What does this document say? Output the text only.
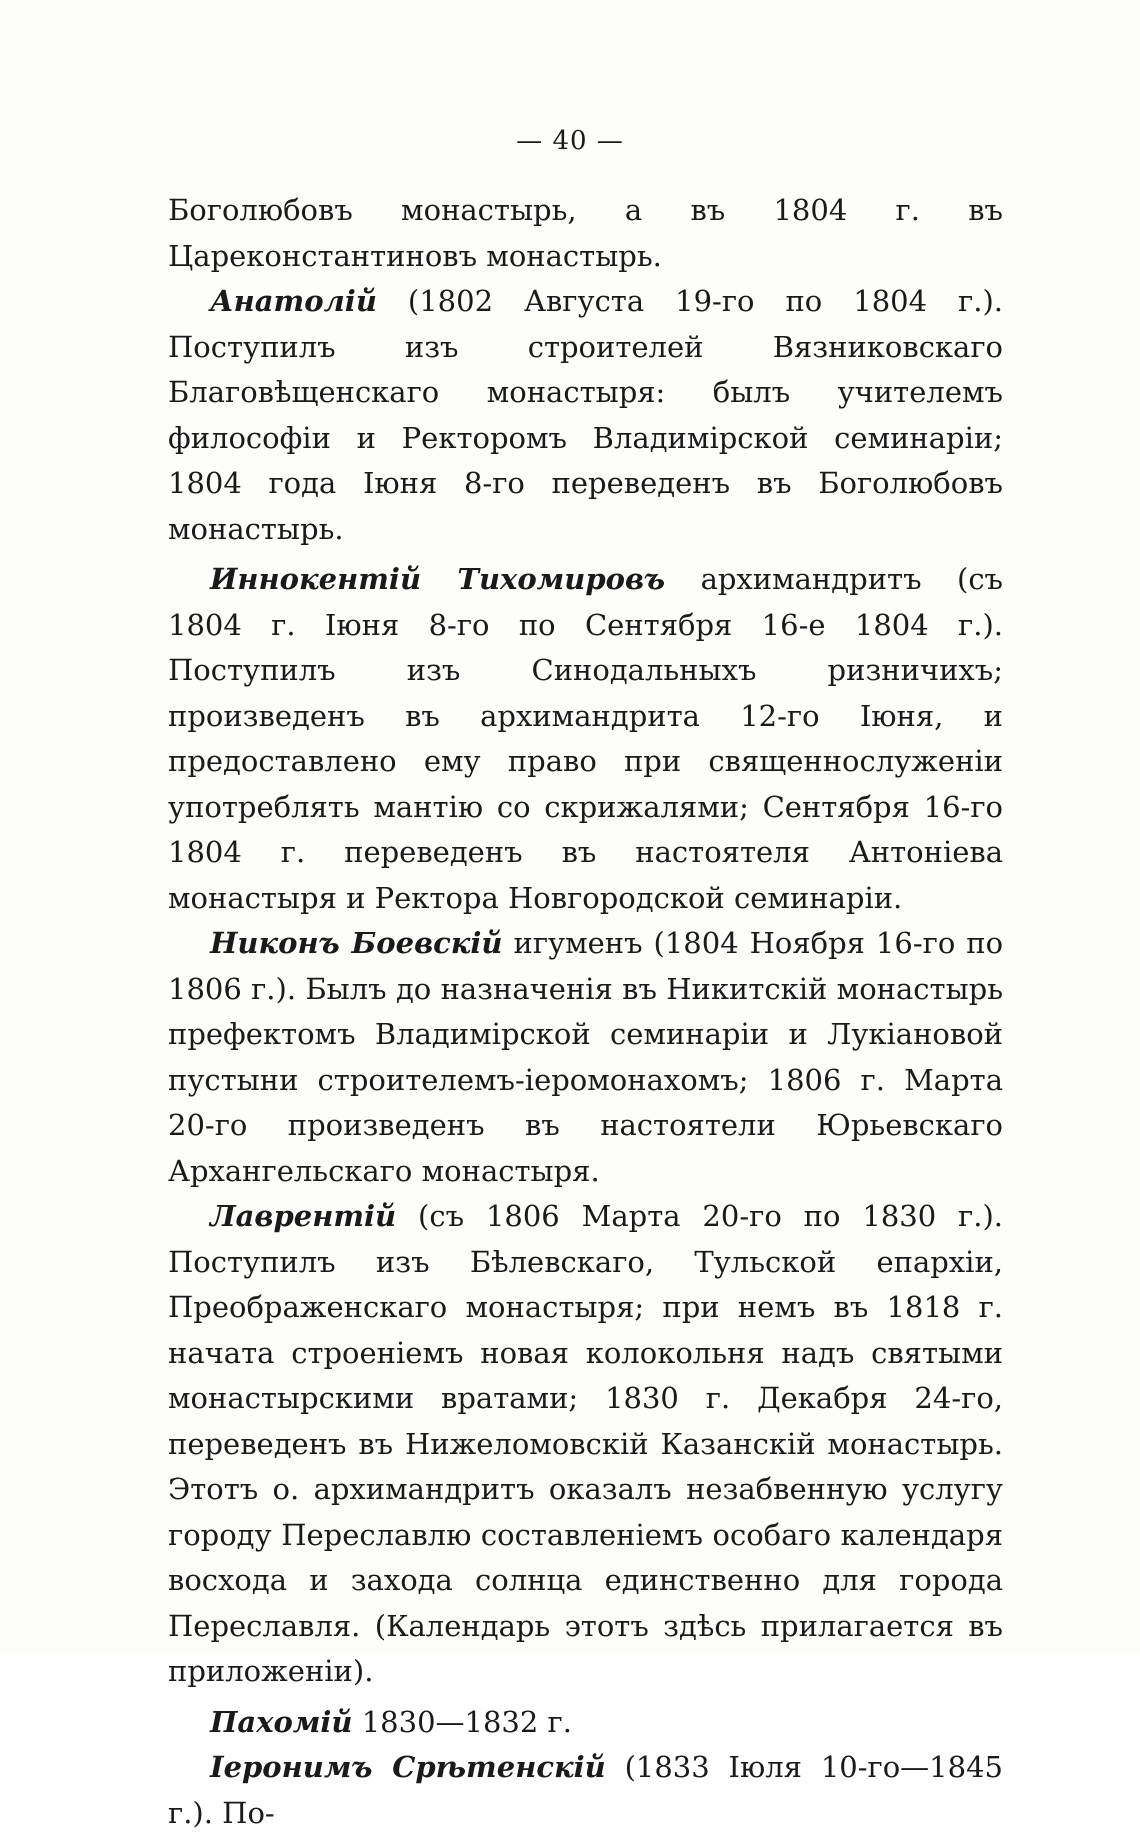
— 40 —

Боголюбовъ монастырь, а въ 1804 г. въ Цареконстантиновъ монастырь.

Анатолій (1802 Августа 19-го по 1804 г.). Поступилъ изъ строителей Вязниковскаго Благовѣщенскаго монастыря: былъ учителемъ философіи и Ректоромъ Владимірской семинаріи; 1804 года Іюня 8-го переведенъ въ Боголюбовъ монастырь.

Иннокентій Тихомировъ архимандритъ (съ 1804 г. Іюня 8-го по Сентября 16-е 1804 г.). Поступилъ изъ Синодальныхъ ризничихъ; произведенъ въ архимандрита 12-го Іюня, и предоставлено ему право при священнослуженіи употреблять мантію со скрижалями; Сентября 16-го 1804 г. переведенъ въ настоятеля Антоніева монастыря и Ректора Новгородской семинаріи.

Никонъ Боевскій игуменъ (1804 Ноября 16-го по 1806 г.). Былъ до назначенія въ Никитскій монастырь префектомъ Владимірской семинаріи и Лукіановой пустыни строителемъ-іеромонахомъ; 1806 г. Марта 20-го произведенъ въ настоятели Юрьевскаго Архангельскаго монастыря.

Лаврентій (съ 1806 Марта 20-го по 1830 г.). Поступилъ изъ Бѣлевскаго, Тульской епархіи, Преображенскаго монастыря; при немъ въ 1818 г. начата строеніемъ новая колокольня надъ святыми монастырскими вратами; 1830 г. Декабря 24-го, переведенъ въ Нижеломовскій Казанскій монастырь. Этотъ о. архимандритъ оказалъ незабвенную услугу городу Переславлю составленіемъ особаго календаря восхода и захода солнца единственно для города Переславля. (Календарь этотъ здѣсь прилагается въ приложеніи).

Пахомій 1830—1832 г.

Іеронимъ Срѣтенскій (1833 Іюля 10-го—1845 г.). По-
